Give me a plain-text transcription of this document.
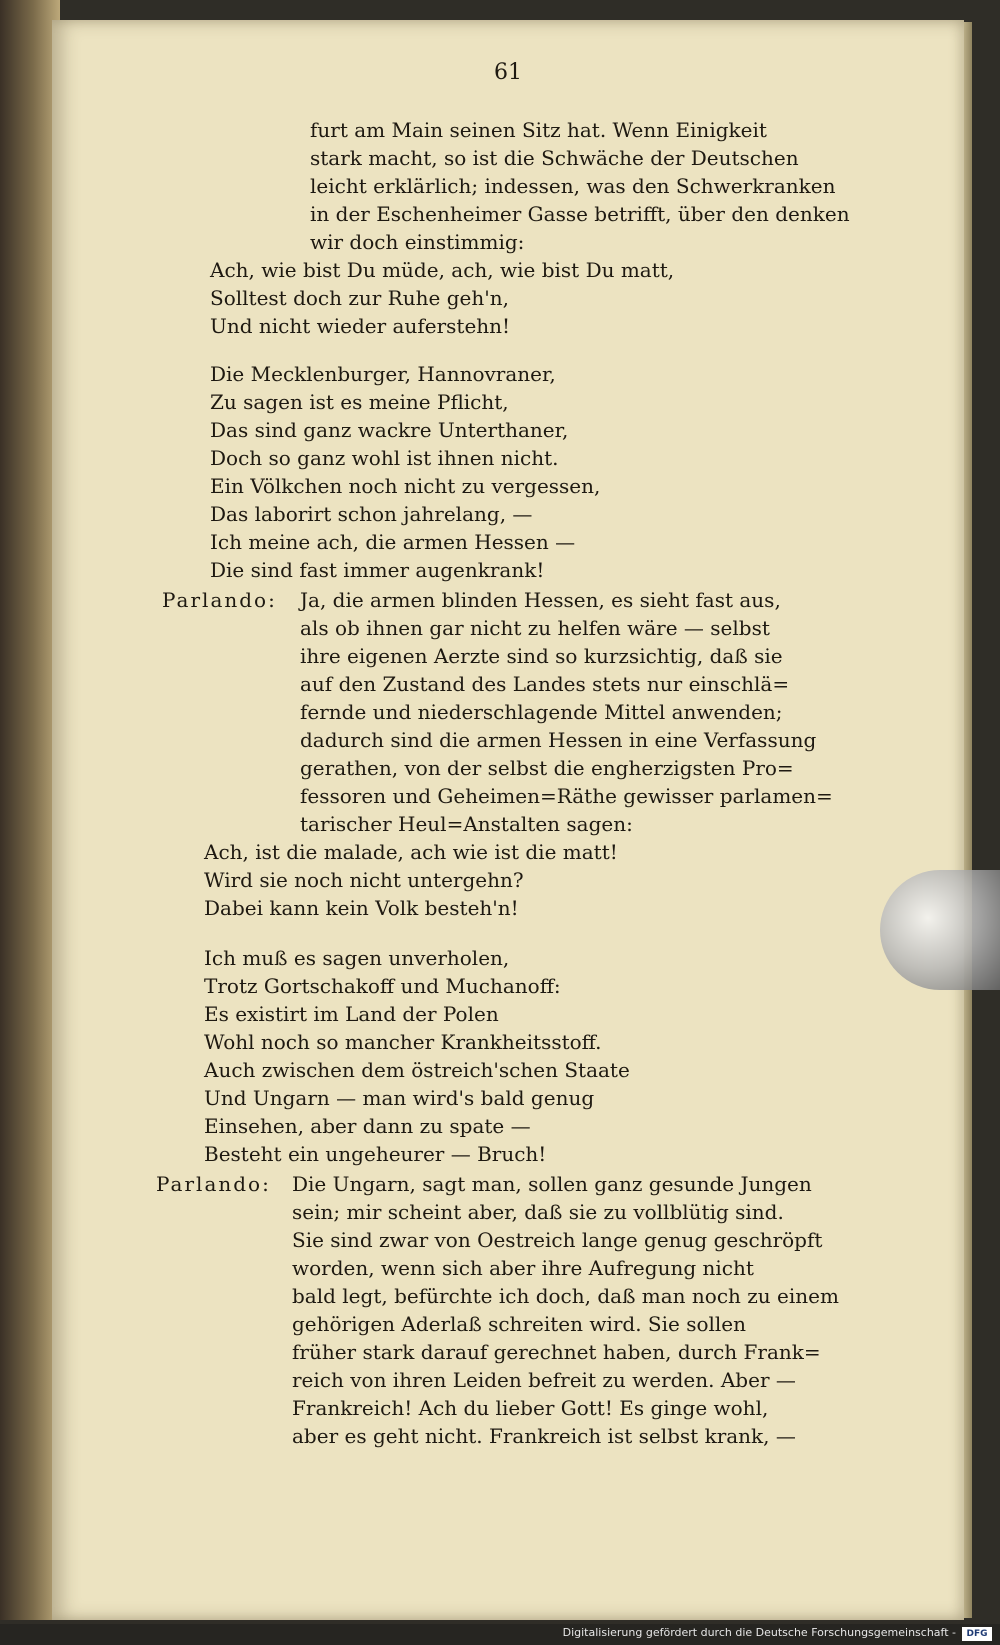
61
furt am Main seinen Sitz hat. Wenn Einigkeit
stark macht, so ist die Schwäche der Deutschen
leicht erklärlich; indessen, was den Schwerkranken
in der Eschenheimer Gasse betrifft, über den denken
wir doch einstimmig:
Ach, wie bist Du müde, ach, wie bist Du matt,
Solltest doch zur Ruhe geh'n,
Und nicht wieder auferstehn!
Die Mecklenburger, Hannovraner,
Zu sagen ist es meine Pflicht,
Das sind ganz wackre Unterthaner,
Doch so ganz wohl ist ihnen nicht.
Ein Völkchen noch nicht zu vergessen,
Das laborirt schon jahrelang, —
Ich meine ach, die armen Hessen —
Die sind fast immer augenkrank!
Parlando: Ja, die armen blinden Hessen, es sieht fast aus,
als ob ihnen gar nicht zu helfen wäre — selbst
ihre eigenen Aerzte sind so kurzsichtig, daß sie
auf den Zustand des Landes stets nur einschlä=
fernde und niederschlagende Mittel anwenden;
dadurch sind die armen Hessen in eine Verfassung
gerathen, von der selbst die engherzigsten Pro=
fessoren und Geheimen=Räthe gewisser parlamen=
tarischer Heul=Anstalten sagen:
Ach, ist die malade, ach wie ist die matt!
Wird sie noch nicht untergehn?
Dabei kann kein Volk besteh'n!
Ich muß es sagen unverholen,
Trotz Gortschakoff und Muchanoff:
Es existirt im Land der Polen
Wohl noch so mancher Krankheitsstoff.
Auch zwischen dem östreich'schen Staate
Und Ungarn — man wird's bald genug
Einsehen, aber dann zu spate —
Besteht ein ungeheurer — Bruch!
Parlando: Die Ungarn, sagt man, sollen ganz gesunde Jungen
sein; mir scheint aber, daß sie zu vollblütig sind.
Sie sind zwar von Oestreich lange genug geschröpft
worden, wenn sich aber ihre Aufregung nicht
bald legt, befürchte ich doch, daß man noch zu einem
gehörigen Aderlaß schreiten wird. Sie sollen
früher stark darauf gerechnet haben, durch Frank=
reich von ihren Leiden befreit zu werden. Aber —
Frankreich! Ach du lieber Gott! Es ginge wohl,
aber es geht nicht. Frankreich ist selbst krank, —
Digitalisierung gefördert durch die Deutsche Forschungsgemeinschaft -	DFG
